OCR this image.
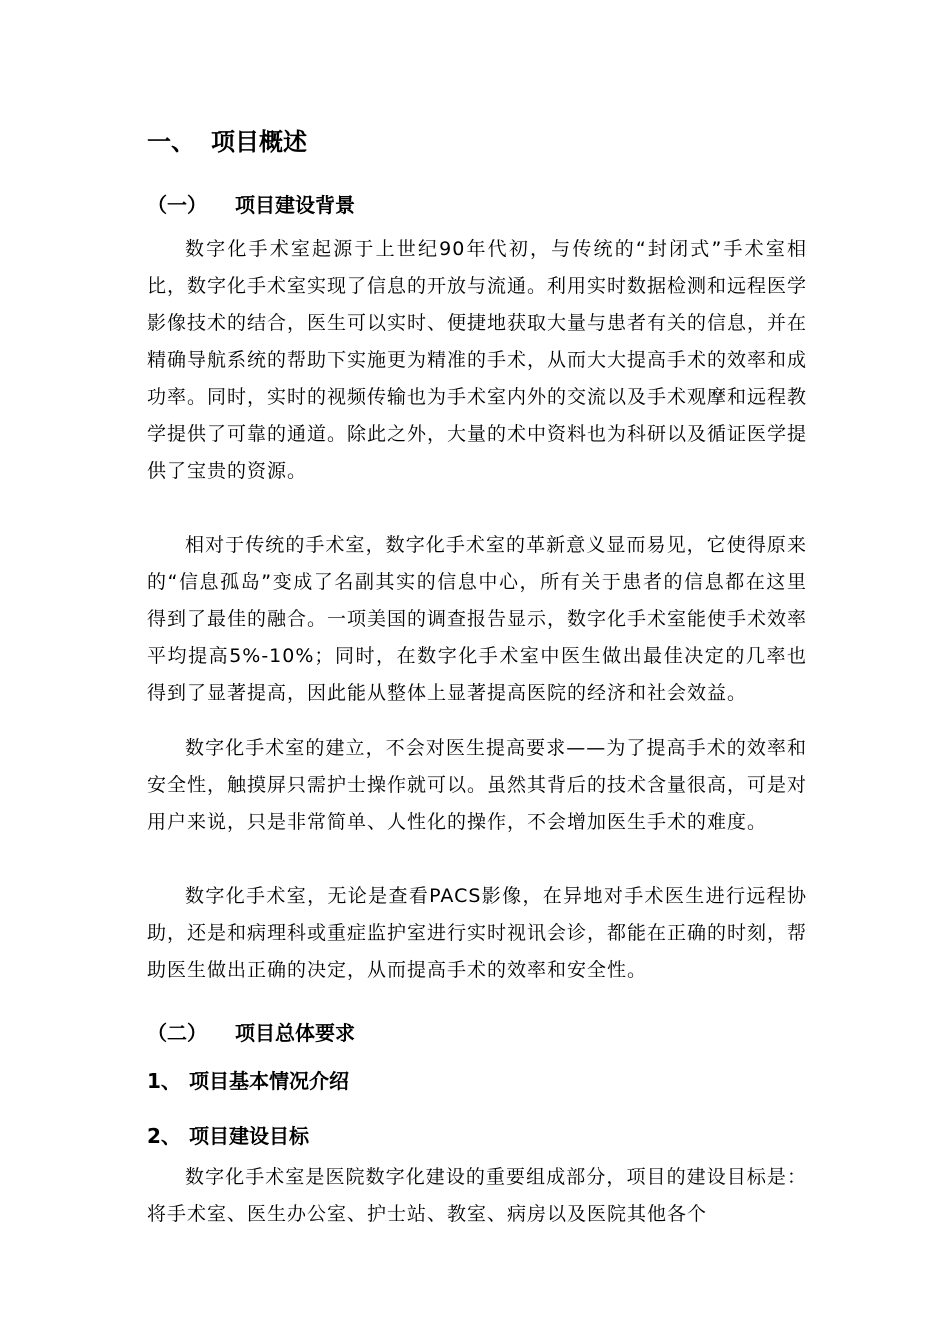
一、 项目概述
（一） 项目建设背景

数字化手术室起源于上世纪90年代初，与传统的“封闭式”手术室相比，数字化手术室实现了信息的开放与流通。利用实时数据检测和远程医学影像技术的结合，医生可以实时、便捷地获取大量与患者有关的信息，并在精确导航系统的帮助下实施更为精准的手术，从而大大提高手术的效率和成功率。同时，实时的视频传输也为手术室内外的交流以及手术观摩和远程教学提供了可靠的通道。除此之外，大量的术中资料也为科研以及循证医学提供了宝贵的资源。

相对于传统的手术室，数字化手术室的革新意义显而易见，它使得原来的“信息孤岛”变成了名副其实的信息中心，所有关于患者的信息都在这里得到了最佳的融合。一项美国的调查报告显示，数字化手术室能使手术效率平均提高5%-10%；同时，在数字化手术室中医生做出最佳决定的几率也得到了显著提高，因此能从整体上显著提高医院的经济和社会效益。

数字化手术室的建立，不会对医生提高要求——为了提高手术的效率和安全性，触摸屏只需护士操作就可以。虽然其背后的技术含量很高，可是对用户来说，只是非常简单、人性化的操作，不会增加医生手术的难度。

数字化手术室，无论是查看PACS影像，在异地对手术医生进行远程协助，还是和病理科或重症监护室进行实时视讯会诊，都能在正确的时刻，帮助医生做出正确的决定，从而提高手术的效率和安全性。

（二） 项目总体要求
1、 项目基本情况介绍
2、 项目建设目标

数字化手术室是医院数字化建设的重要组成部分，项目的建设目标是：将手术室、医生办公室、护士站、教室、病房以及医院其他各个
